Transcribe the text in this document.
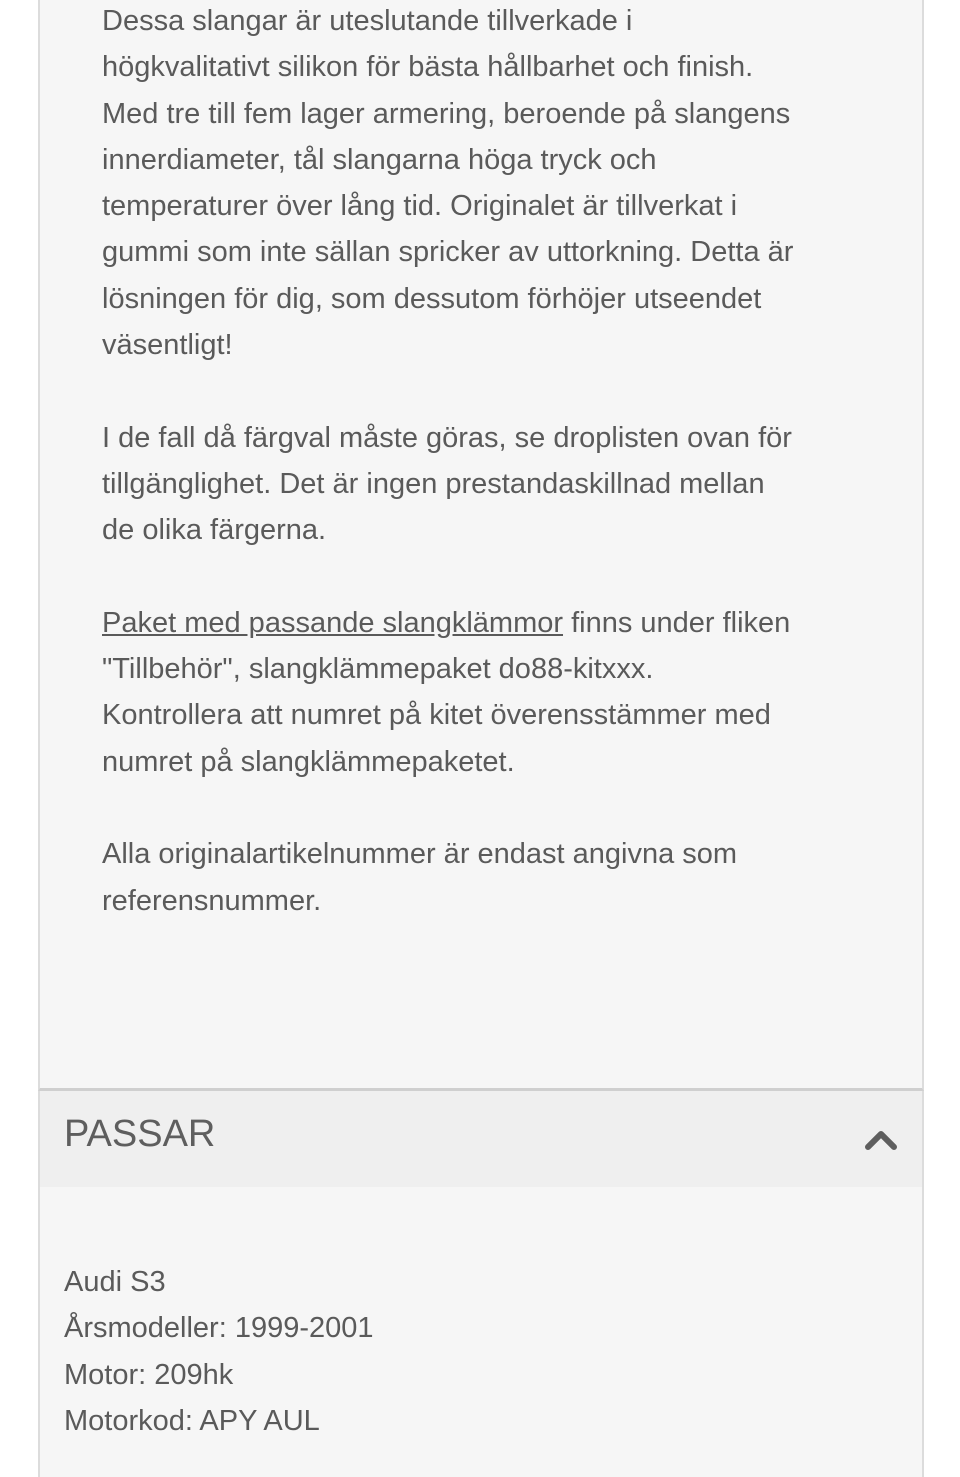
Dessa slangar är uteslutande tillverkade i
högkvalitativt silikon för bästa hållbarhet och finish.
Med tre till fem lager armering, beroende på slangens
innerdiameter, tål slangarna höga tryck och
temperaturer över lång tid. Originalet är tillverkat i
gummi som inte sällan spricker av uttorkning. Detta är
lösningen för dig, som dessutom förhöjer utseendet
väsentligt!

I de fall då färgval måste göras, se droplisten ovan för
tillgänglighet. Det är ingen prestandaskillnad mellan
de olika färgerna.

Paket med passande slangklämmor finns under fliken
"Tillbehör", slangklämmepaket do88-kitxxx.
Kontrollera att numret på kitet överensstämmer med
numret på slangklämmepaketet.

Alla originalartikelnummer är endast angivna som
referensnummer.

PASSAR
Audi S3
Årsmodeller: 1999-2001
Motor: 209hk
Motorkod: APY AUL
